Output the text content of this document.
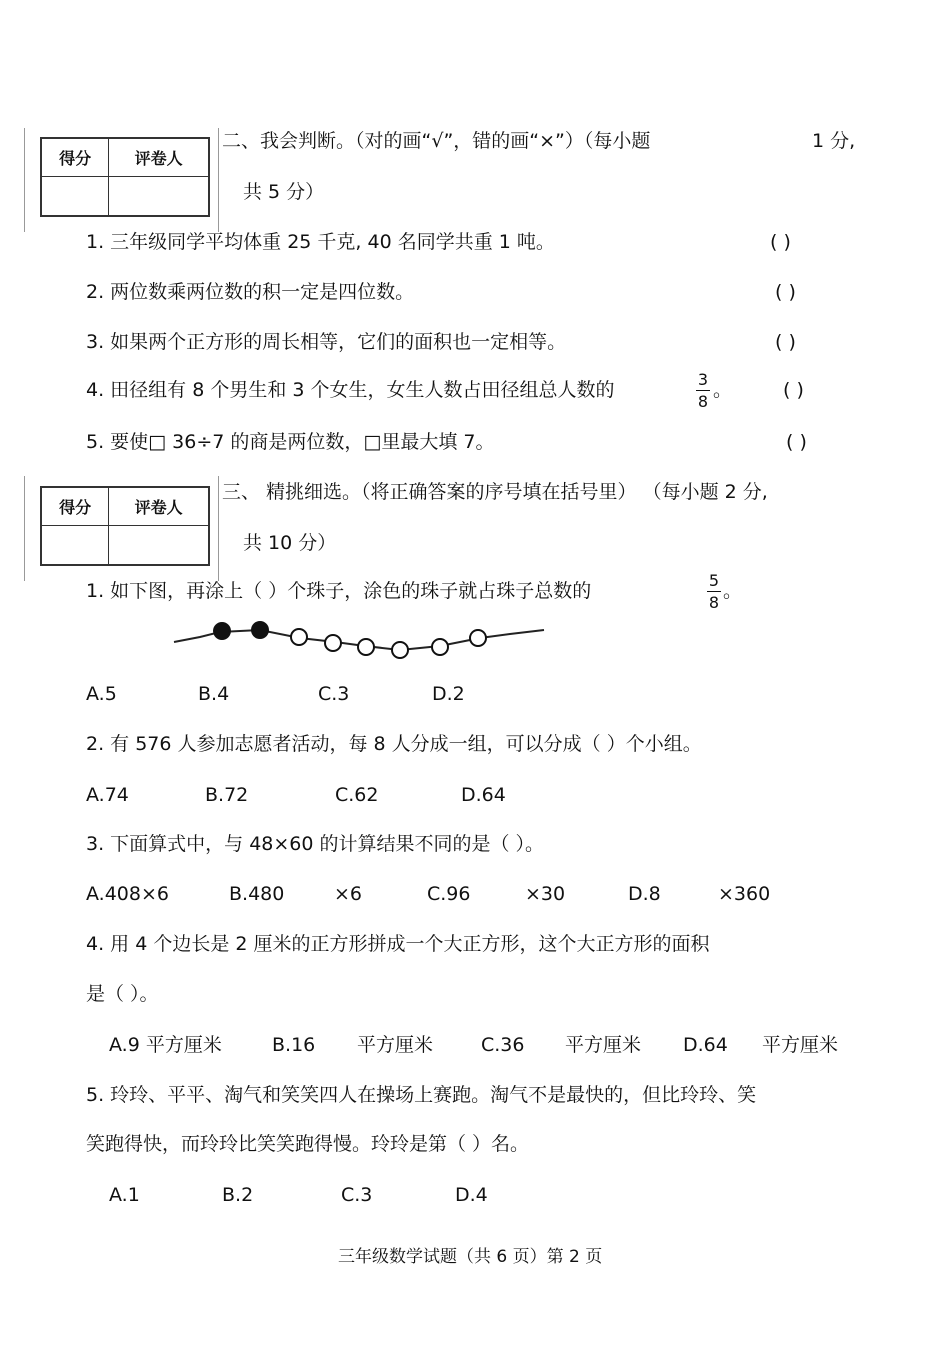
得分	评卷人

二、我会判断。（对的画“√”，错的画“×”）（每小题	1 分,
共 5 分）
1. 三年级同学平均体重 25 千克, 40 名同学共重 1 吨。	( )
2. 两位数乘两位数的积一定是四位数。	( )
3. 如果两个正方形的周长相等，它们的面积也一定相等。	( )
4. 田径组有 8 个男生和 3 个女生，女生人数占田径组总人数的	3
8
。	( )
5. 要使□ 36÷7 的商是两位数，□里最大填 7。	( )
得分	评卷人

三、 精挑细选。（将正确答案的序号填在括号里） （每小题 2 分,
共 10 分）
1. 如下图，再涂上（ ）个珠子，涂色的珠子就占珠子总数的	5
8
。
A.5	B.4	C.3	D.2
2. 有 576 人参加志愿者活动，每 8 人分成一组，可以分成（ ）个小组。
A.74	B.72	C.62	D.64
3. 下面算式中，与 48×60 的计算结果不同的是（ ）。
A.408×6	B.480	×6	C.96	×30	D.8	×360
4. 用 4 个边长是 2 厘米的正方形拼成一个大正方形，这个大正方形的面积
是（ ）。
A.9 平方厘米	B.16 平方厘米	C.36 平方厘米 D.64 平方厘米
5. 玲玲、平平、淘气和笑笑四人在操场上赛跑。淘气不是最快的，但比玲玲、笑
笑跑得快，而玲玲比笑笑跑得慢。玲玲是第（ ）名。
A.1	B.2	C.3	D.4
三年级数学试题（共 6 页）第 2 页
